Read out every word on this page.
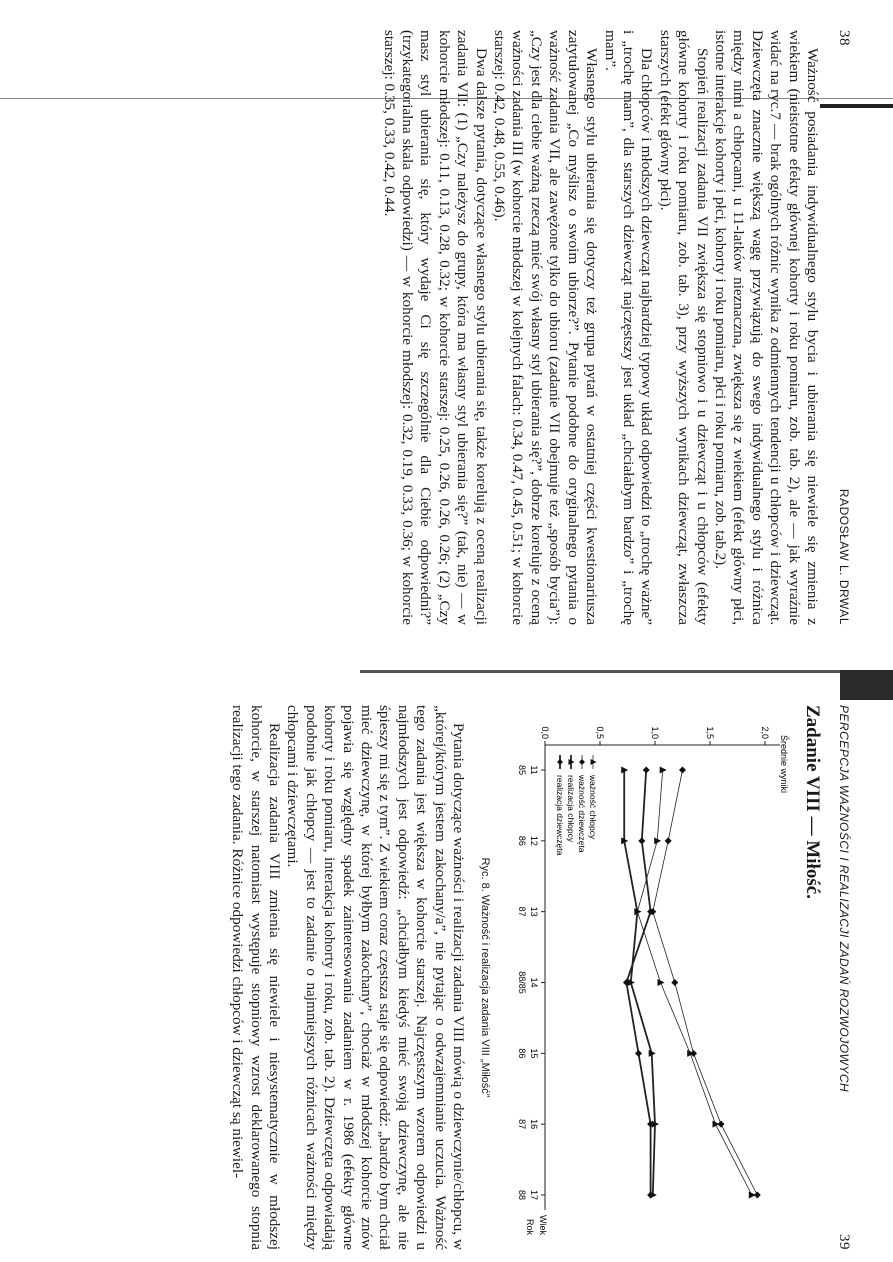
38
RADOSŁAW L. DRWAL

Ważność posiadania indywidualnego stylu bycia i ubierania się niewiele się zmienia z wiekiem (nieistotne efekty głównej kohorty i roku pomiaru, zob. tab. 2), ale — jak wyraźnie widać na ryc.7 — brak ogólnych różnic wynika z odmiennych tendencji u chłopców i dziewcząt. Dziewczęta znacznie większą wagę przywiązują do swego indywidualnego stylu i różnica między nimi a chłopcami, u 11-latków nieznaczna, zwiększa się z wiekiem (efekt główny płci, istotne interakcje kohorty i płci, kohorty i roku pomiaru, płci i roku pomiaru, zob. tab.2).

Stopień realizacji zadania VII zwiększa się stopniowo i u dziewcząt i u chłopców (efekty główne kohorty i roku pomiaru, zob. tab. 3), przy wyższych wynikach dziewcząt, zwłaszcza starszych (efekt główny płci).

Dla chłopców i młodszych dziewcząt najbardziej typowy układ odpowiedzi to „trochę ważne” i „trochę mam”, dla starszych dziewcząt najczęstszy jest układ „chciałabym bardzo” i „trochę mam”.

Własnego stylu ubierania się dotyczy też grupa pytań w ostatniej części kwestionariusza zatytułowanej „Co myślisz o swoim ubiorze?”. Pytanie podobne do oryginalnego pytania o ważność zadania VII, ale zawężone tylko do ubioru (zadanie VII obejmuje też „sposób bycia”): „Czy jest dla ciebie ważną rzeczą mieć swój własny styl ubierania się?”, dobrze koreluje z oceną ważności zadania III (w kohorcie młodszej w kolejnych falach: 0.34, 0.47, 0.45, 0.51; w kohorcie starszej: 0.42, 0.48, 0.55, 0.46).

Dwa dalsze pytania, dotyczące własnego stylu ubierania się, także korelują z oceną realizacji zadania VII: (1) „Czy należysz do grupy, która ma własny styl ubierania się?” (tak, nie) — w kohorcie młodszej: 0.11, 0.13, 0.28, 0.32; w kohorcie starszej: 0.25, 0.26, 0.26, 0.26; (2) „Czy masz styl ubierania się, który wydaje Ci się szczególnie dla Ciebie odpowiedni?” (trzykategorialna skala odpowiedzi) — w kohorcie młodszej: 0.32, 0.19, 0.33, 0.36; w kohorcie starszej: 0.35, 0.33, 0.42, 0.44.

PERCEPCJA WAŻNOŚCI I REALIZACJI ZADAŃ ROZWOJOWYCH
39
Zadanie VIII — Miłość.
Średnie wyniki
Wiek
Rok
0,0	0,5	1,0	1,5	2,0
11
85
12
86
13
87
14
88/85
15
86
16
87
17
88
ważność chłopcy
ważność dziewczęta
realizacja chłopcy
realizacja dziewczęta
Ryc. 8. Ważność i realizacja zadania VIII „Miłość”

Pytania dotyczące ważności i realizacji zadania VIII mówią o dziewczynie/chłopcu, w „której/którym jestem zakochany/a”, nie pytając o odwzajemnianie uczucia. Ważność tego zadania jest większa w kohorcie starszej. Najczęstszym wzorem odpowiedzi u najmłodszych jest odpowiedź: „chciałbym kiedyś mieć swoją dziewczynę, ale nie śpieszy mi się z tym”. Z wiekiem coraz częstsza staje się odpowiedź: „bardzo bym chciał mieć dziewczynę, w której byłbym zakochany”, chociaż w młodszej kohorcie znów pojawia się względny spadek zainteresowania zadaniem w r. 1986 (efekty główne kohorty i roku pomiaru, interakcja kohorty i roku, zob. tab. 2). Dziewczęta odpowiadają podobnie jak chłopcy — jest to zadanie o najmniejszych różnicach ważności między chłopcami i dziewczętami.

Realizacja zadania VIII zmienia się niewiele i niesystematycznie w młodszej kohorcie, w starszej natomiast występuje stopniowy wzrost deklarowanego stopnia realizacji tego zadania. Różnice odpowiedzi chłopców i dziewcząt są niewiel-
